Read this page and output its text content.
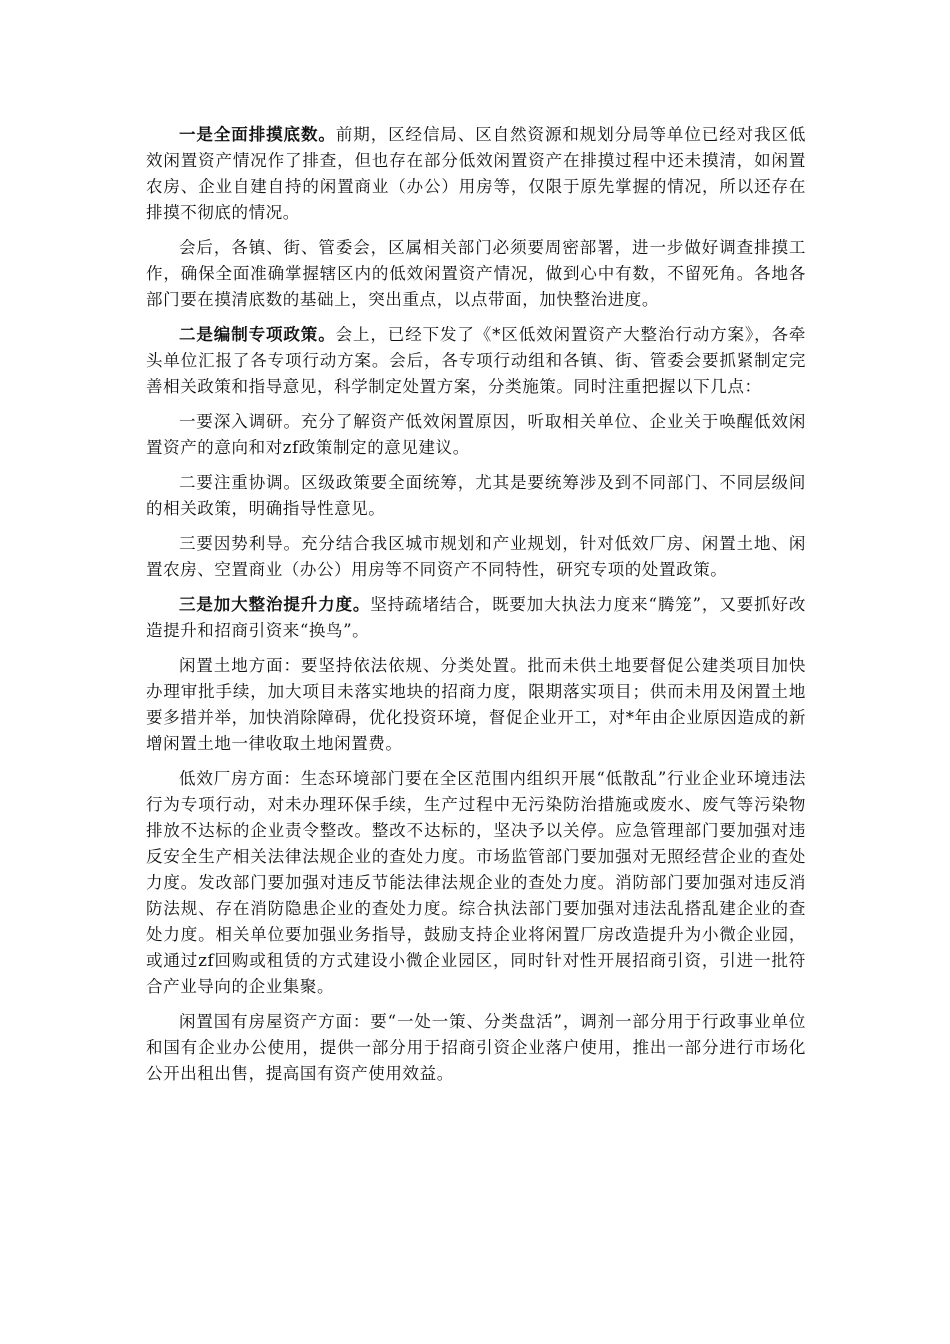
一是全面排摸底数。前期，区经信局、区自然资源和规划分局等单位已经对我区低效闲置资产情况作了排查，但也存在部分低效闲置资产在排摸过程中还未摸清，如闲置农房、企业自建自持的闲置商业（办公）用房等，仅限于原先掌握的情况，所以还存在排摸不彻底的情况。

会后，各镇、街、管委会，区属相关部门必须要周密部署，进一步做好调查排摸工作，确保全面准确掌握辖区内的低效闲置资产情况，做到心中有数，不留死角。各地各部门要在摸清底数的基础上，突出重点，以点带面，加快整治进度。

二是编制专项政策。会上，已经下发了《*区低效闲置资产大整治行动方案》，各牵头单位汇报了各专项行动方案。会后，各专项行动组和各镇、街、管委会要抓紧制定完善相关政策和指导意见，科学制定处置方案，分类施策。同时注重把握以下几点：

一要深入调研。充分了解资产低效闲置原因，听取相关单位、企业关于唤醒低效闲置资产的意向和对zf政策制定的意见建议。

二要注重协调。区级政策要全面统筹，尤其是要统筹涉及到不同部门、不同层级间的相关政策，明确指导性意见。

三要因势利导。充分结合我区城市规划和产业规划，针对低效厂房、闲置土地、闲置农房、空置商业（办公）用房等不同资产不同特性，研究专项的处置政策。

三是加大整治提升力度。坚持疏堵结合，既要加大执法力度来“腾笼”，又要抓好改造提升和招商引资来“换鸟”。

闲置土地方面：要坚持依法依规、分类处置。批而未供土地要督促公建类项目加快办理审批手续，加大项目未落实地块的招商力度，限期落实项目；供而未用及闲置土地要多措并举，加快消除障碍，优化投资环境，督促企业开工，对*年由企业原因造成的新增闲置土地一律收取土地闲置费。

低效厂房方面：生态环境部门要在全区范围内组织开展“低散乱”行业企业环境违法行为专项行动，对未办理环保手续，生产过程中无污染防治措施或废水、废气等污染物排放不达标的企业责令整改。整改不达标的，坚决予以关停。应急管理部门要加强对违反安全生产相关法律法规企业的查处力度。市场监管部门要加强对无照经营企业的查处力度。发改部门要加强对违反节能法律法规企业的查处力度。消防部门要加强对违反消防法规、存在消防隐患企业的查处力度。综合执法部门要加强对违法乱搭乱建企业的查处力度。相关单位要加强业务指导，鼓励支持企业将闲置厂房改造提升为小微企业园，或通过zf回购或租赁的方式建设小微企业园区，同时针对性开展招商引资，引进一批符合产业导向的企业集聚。

闲置国有房屋资产方面：要“一处一策、分类盘活”，调剂一部分用于行政事业单位和国有企业办公使用，提供一部分用于招商引资企业落户使用，推出一部分进行市场化公开出租出售，提高国有资产使用效益。
